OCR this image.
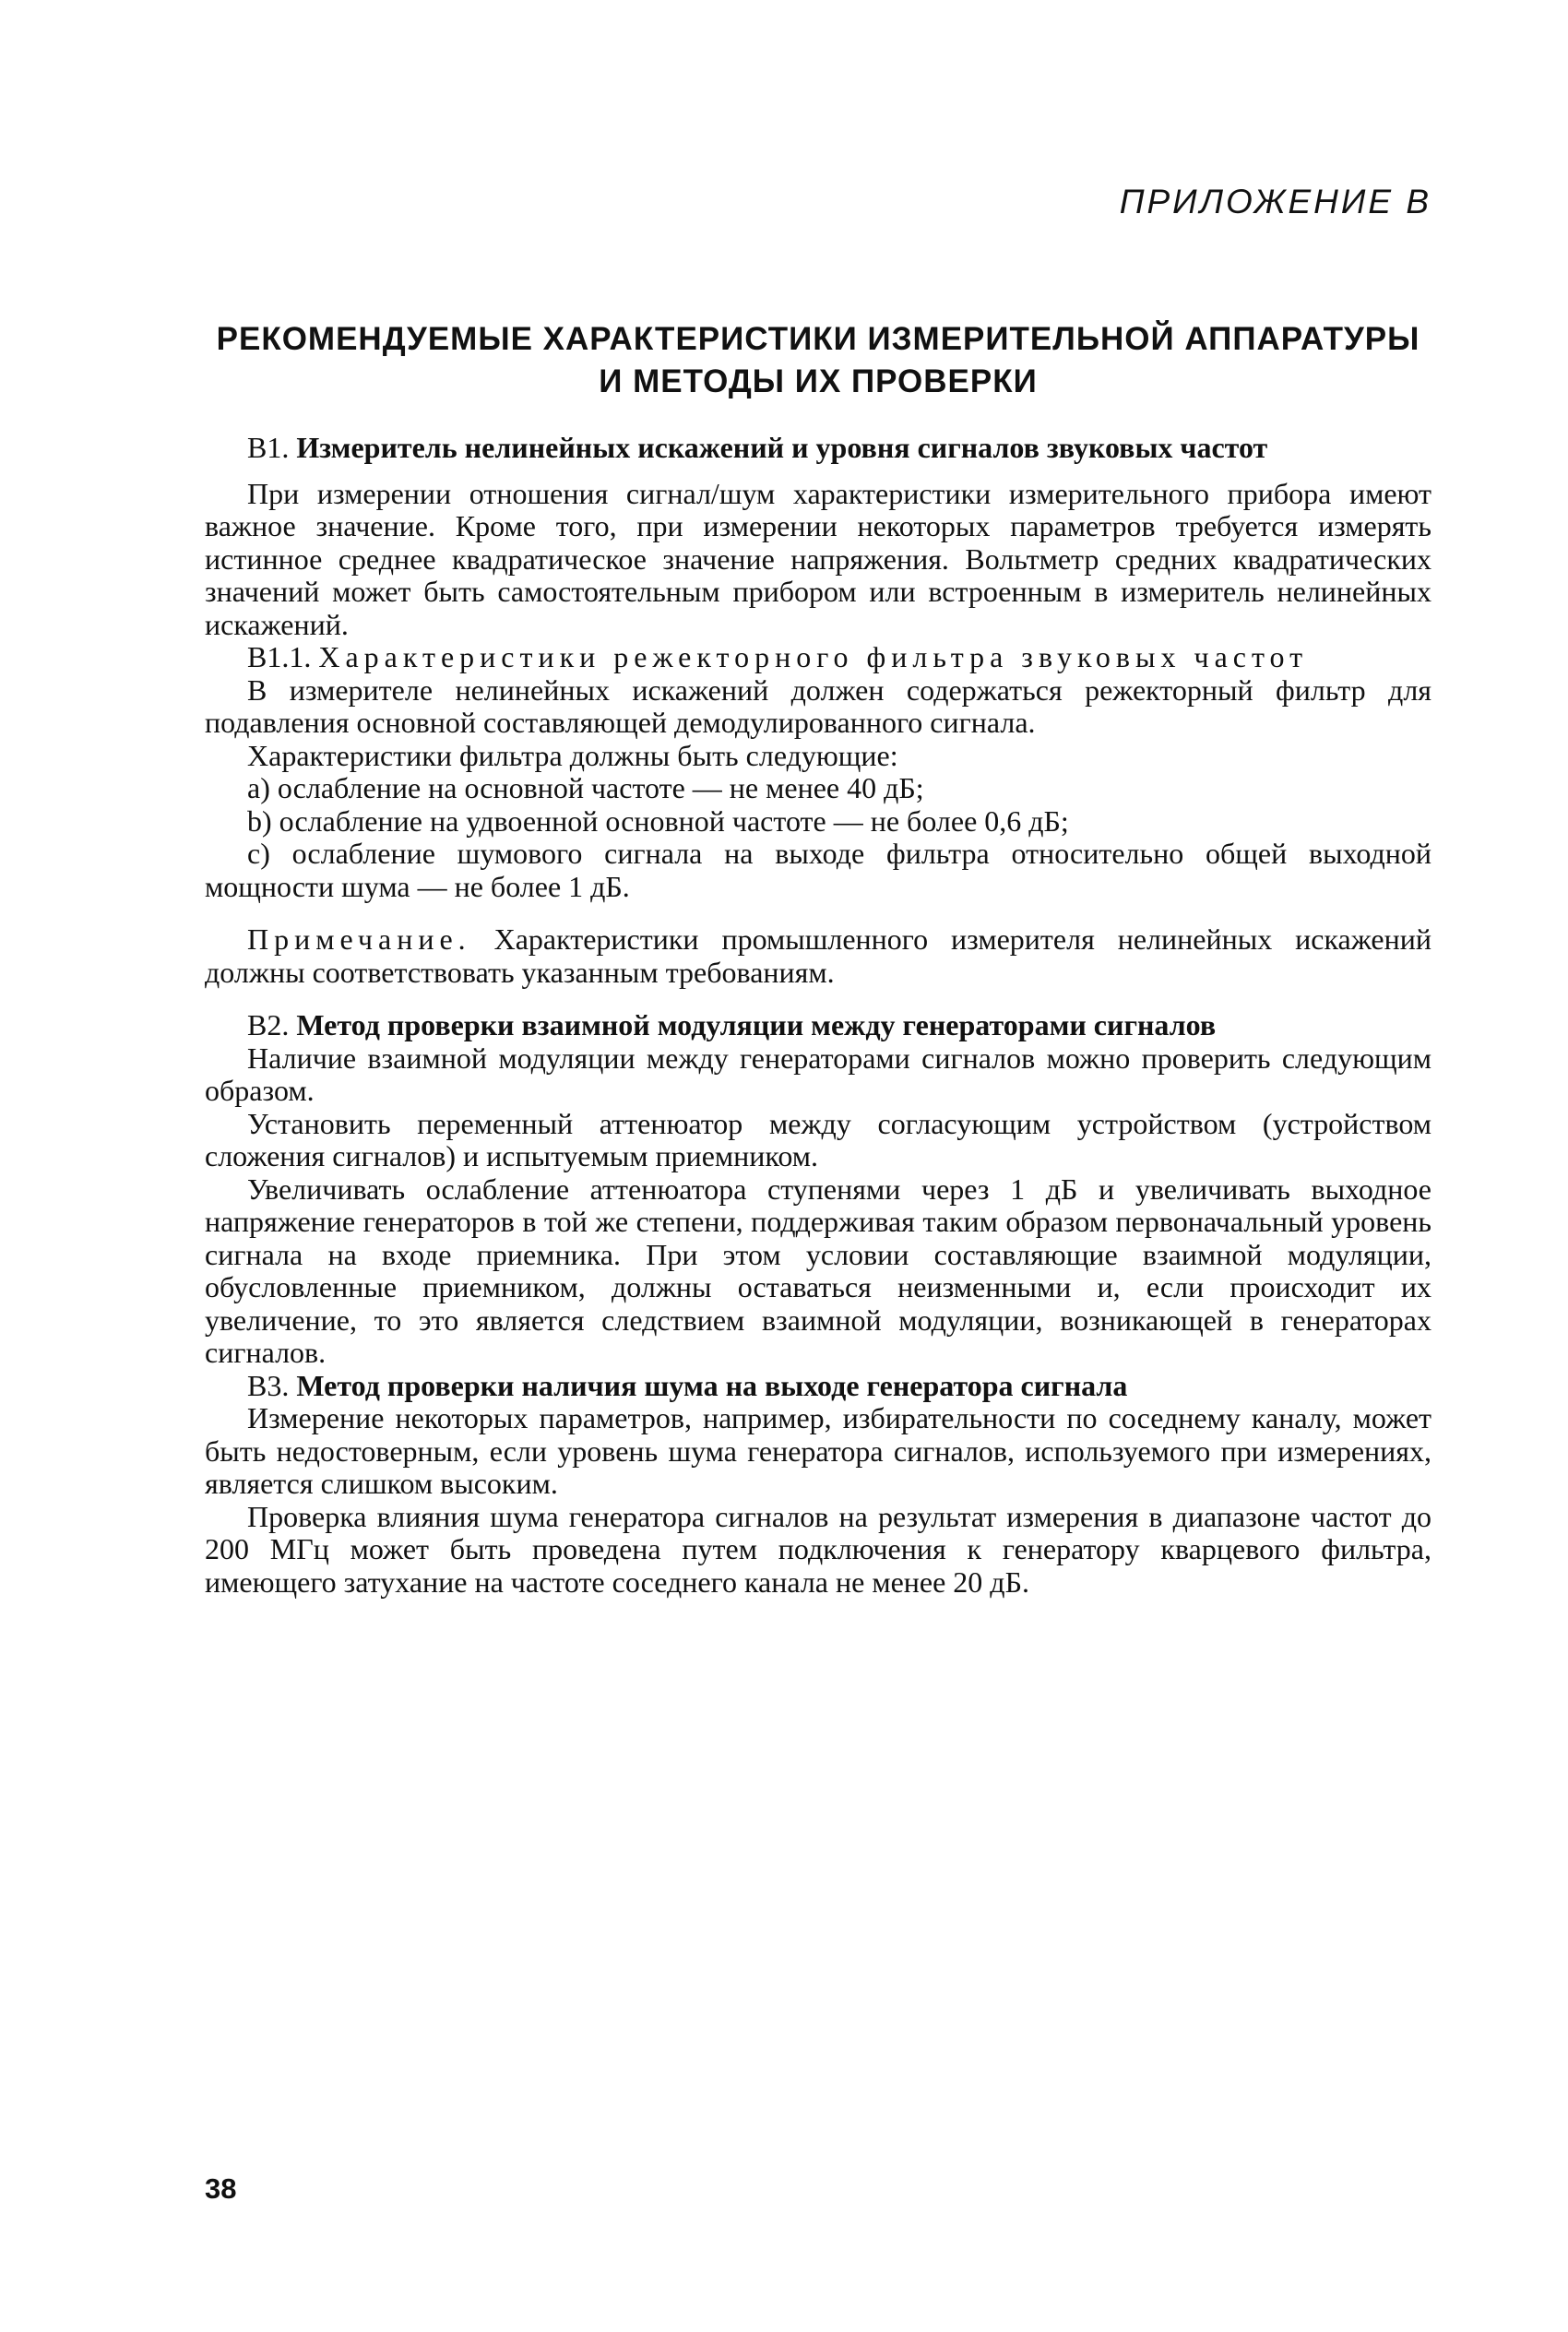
ПРИЛОЖЕНИЕ В
РЕКОМЕНДУЕМЫЕ ХАРАКТЕРИСТИКИ ИЗМЕРИТЕЛЬНОЙ АППАРАТУРЫ
И МЕТОДЫ ИХ ПРОВЕРКИ

В1. Измеритель нелинейных искажений и уровня сигналов звуковых частот

При измерении отношения сигнал/шум характеристики измерительного прибора имеют важное значение. Кроме того, при измерении некоторых параметров требуется измерять истинное среднее квадратическое значение напряжения. Вольтметр средних квадратических значений может быть самостоятельным прибором или встроенным в измеритель нелинейных искажений.

В1.1. Характеристики режекторного фильтра звуковых частот

В измерителе нелинейных искажений должен содержаться режекторный фильтр для подавления основной составляющей демодулированного сигнала.

Характеристики фильтра должны быть следующие:

а) ослабление на основной частоте — не менее 40 дБ;
b) ослабление на удвоенной основной частоте — не более 0,6 дБ;
c) ослабление шумового сигнала на выходе фильтра относительно общей выходной мощности шума — не более 1 дБ.

Примечание. Характеристики промышленного измерителя нелинейных искажений должны соответствовать указанным требованиям.

В2. Метод проверки взаимной модуляции между генераторами сигналов

Наличие взаимной модуляции между генераторами сигналов можно проверить следующим образом.

Установить переменный аттенюатор между согласующим устройством (устройством сложения сигналов) и испытуемым приемником.

Увеличивать ослабление аттенюатора ступенями через 1 дБ и увеличивать выходное напряжение генераторов в той же степени, поддерживая таким образом первоначальный уровень сигнала на входе приемника. При этом условии составляющие взаимной модуляции, обусловленные приемником, должны оставаться неизменными и, если происходит их увеличение, то это является следствием взаимной модуляции, возникающей в генераторах сигналов.

В3. Метод проверки наличия шума на выходе генератора сигнала

Измерение некоторых параметров, например, избирательности по соседнему каналу, может быть недостоверным, если уровень шума генератора сигналов, используемого при измерениях, является слишком высоким.

Проверка влияния шума генератора сигналов на результат измерения в диапазоне частот до 200 МГц может быть проведена путем подключения к генератору кварцевого фильтра, имеющего затухание на частоте соседнего канала не менее 20 дБ.

38
